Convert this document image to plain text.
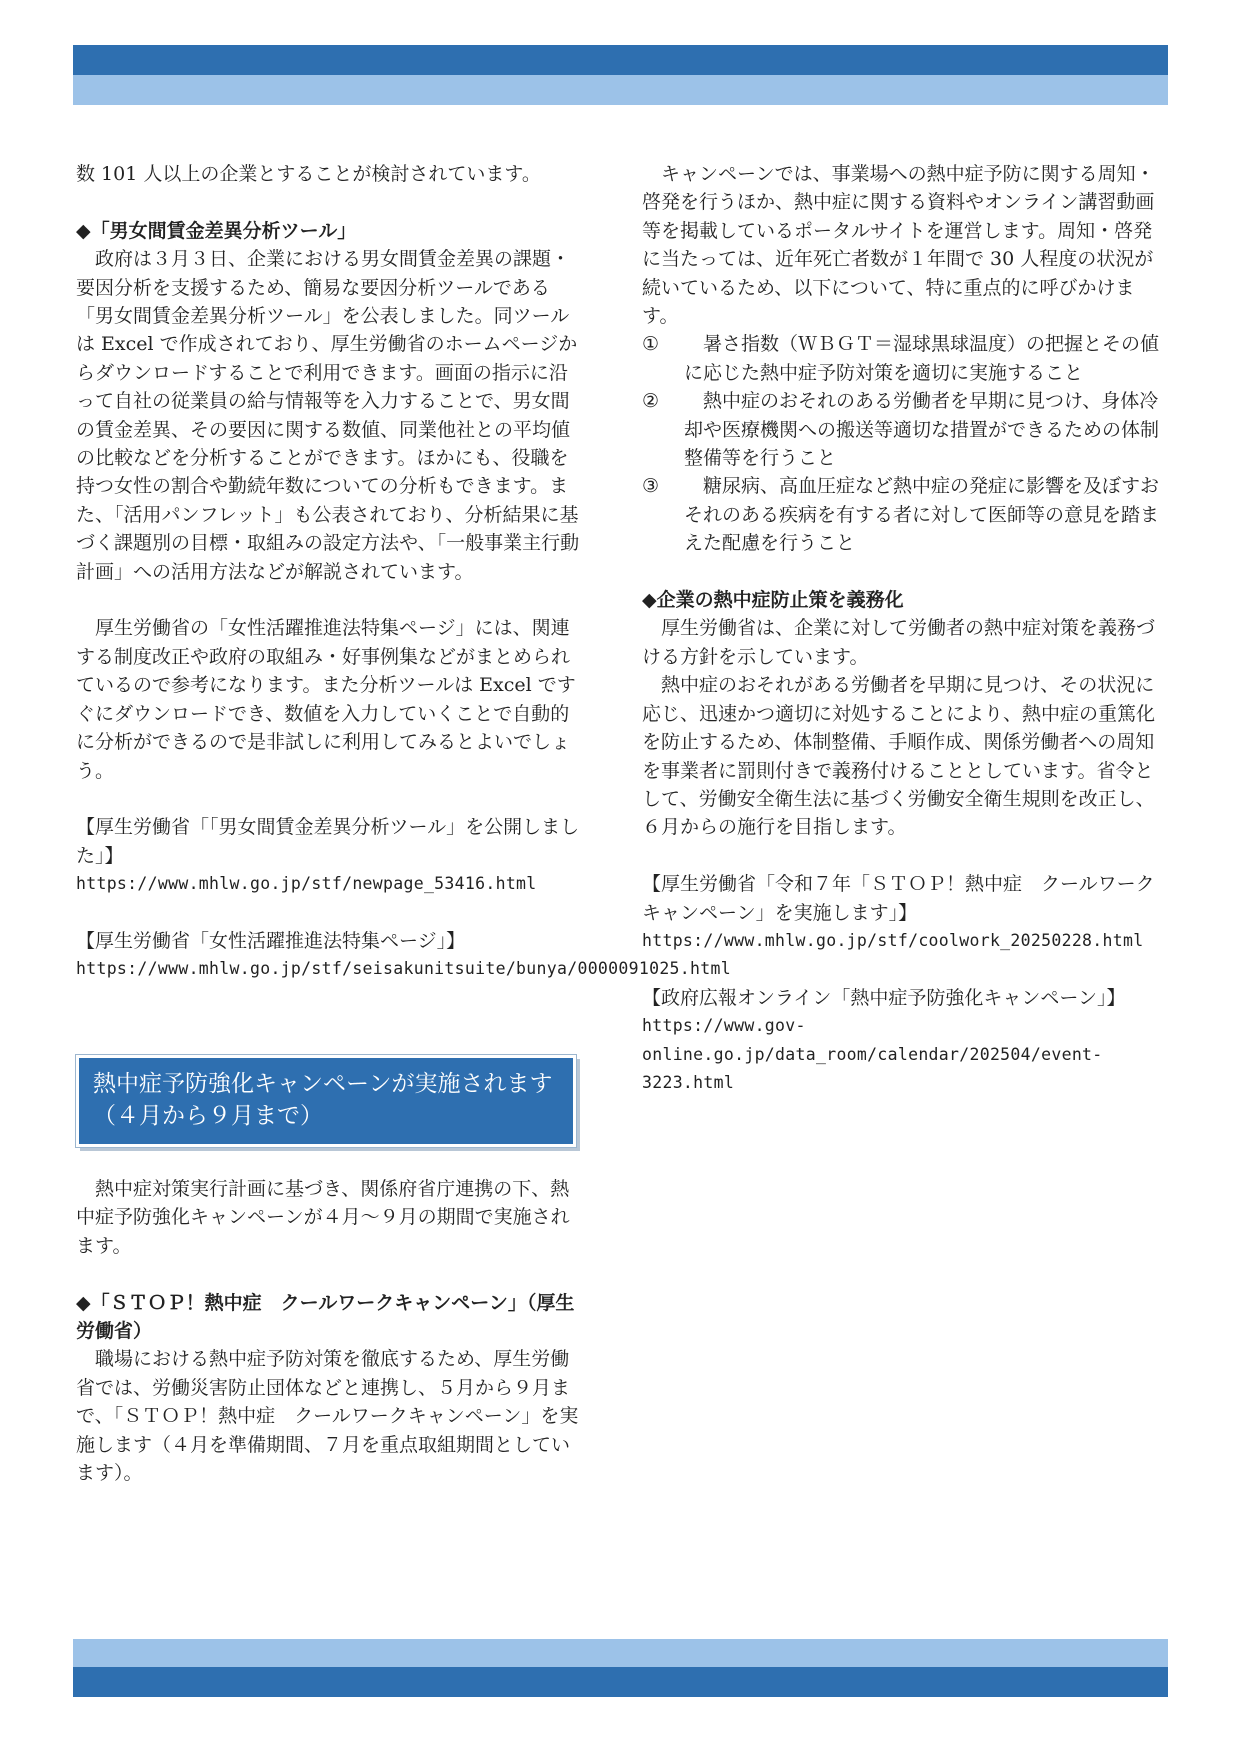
数 101 人以上の企業とすることが検討されています。
◆「男女間賃金差異分析ツール」
　政府は３月３日、企業における男女間賃金差異の課題・要因分析を支援するため、簡易な要因分析ツールである「男女間賃金差異分析ツール」を公表しました。同ツールは Excel で作成されており、厚生労働省のホームページからダウンロードすることで利用できます。画面の指示に沿って自社の従業員の給与情報等を入力することで、男女間の賃金差異、その要因に関する数値、同業他社との平均値の比較などを分析することができます。ほかにも、役職を持つ女性の割合や勤続年数についての分析もできます。また、「活用パンフレット」も公表されており、分析結果に基づく課題別の目標・取組みの設定方法や、「一般事業主行動計画」への活用方法などが解説されています。
　厚生労働省の「女性活躍推進法特集ページ」には、関連する制度改正や政府の取組み・好事例集などがまとめられているので参考になります。また分析ツールは Excel ですぐにダウンロードでき、数値を入力していくことで自動的に分析ができるので是非試しに利用してみるとよいでしょう。
【厚生労働省「「男女間賃金差異分析ツール」を公開しました」】
https://www.mhlw.go.jp/stf/newpage_53416.html
【厚生労働省「女性活躍推進法特集ページ」】
https://www.mhlw.go.jp/stf/seisakunitsuite/bunya/0000091025.html
熱中症予防強化キャンペーンが実施されます（４月から９月まで）
　熱中症対策実行計画に基づき、関係府省庁連携の下、熱中症予防強化キャンペーンが４月～９月の期間で実施されます。
◆「ＳＴＯＰ！熱中症　クールワークキャンペーン」（厚生労働省）
　職場における熱中症予防対策を徹底するため、厚生労働省では、労働災害防止団体などと連携し、５月から９月まで、「ＳＴＯＰ！熱中症　クールワークキャンペーン」を実施します（４月を準備期間、７月を重点取組期間としています）。
　キャンペーンでは、事業場への熱中症予防に関する周知・啓発を行うほか、熱中症に関する資料やオンライン講習動画等を掲載しているポータルサイトを運営します。周知・啓発に当たっては、近年死亡者数が１年間で 30 人程度の状況が続いているため、以下について、特に重点的に呼びかけます。
①	　暑さ指数（ＷＢＧＴ＝湿球黒球温度）の把握とその値に応じた熱中症予防対策を適切に実施すること
②	　熱中症のおそれのある労働者を早期に見つけ、身体冷却や医療機関への搬送等適切な措置ができるための体制整備等を行うこと
③	　糖尿病、高血圧症など熱中症の発症に影響を及ぼすおそれのある疾病を有する者に対して医師等の意見を踏まえた配慮を行うこと
◆企業の熱中症防止策を義務化
　厚生労働省は、企業に対して労働者の熱中症対策を義務づける方針を示しています。
　熱中症のおそれがある労働者を早期に見つけ、その状況に応じ、迅速かつ適切に対処することにより、熱中症の重篤化を防止するため、体制整備、手順作成、関係労働者への周知を事業者に罰則付きで義務付けることとしています。省令として、労働安全衛生法に基づく労働安全衛生規則を改正し、６月からの施行を目指します。
【厚生労働省「令和７年「ＳＴＯＰ！熱中症　クールワークキャンペーン」を実施します」】
https://www.mhlw.go.jp/stf/coolwork_20250228.html
【政府広報オンライン「熱中症予防強化キャンペーン」】
https://www.gov-online.go.jp/data_room/calendar/202504/event-3223.html
